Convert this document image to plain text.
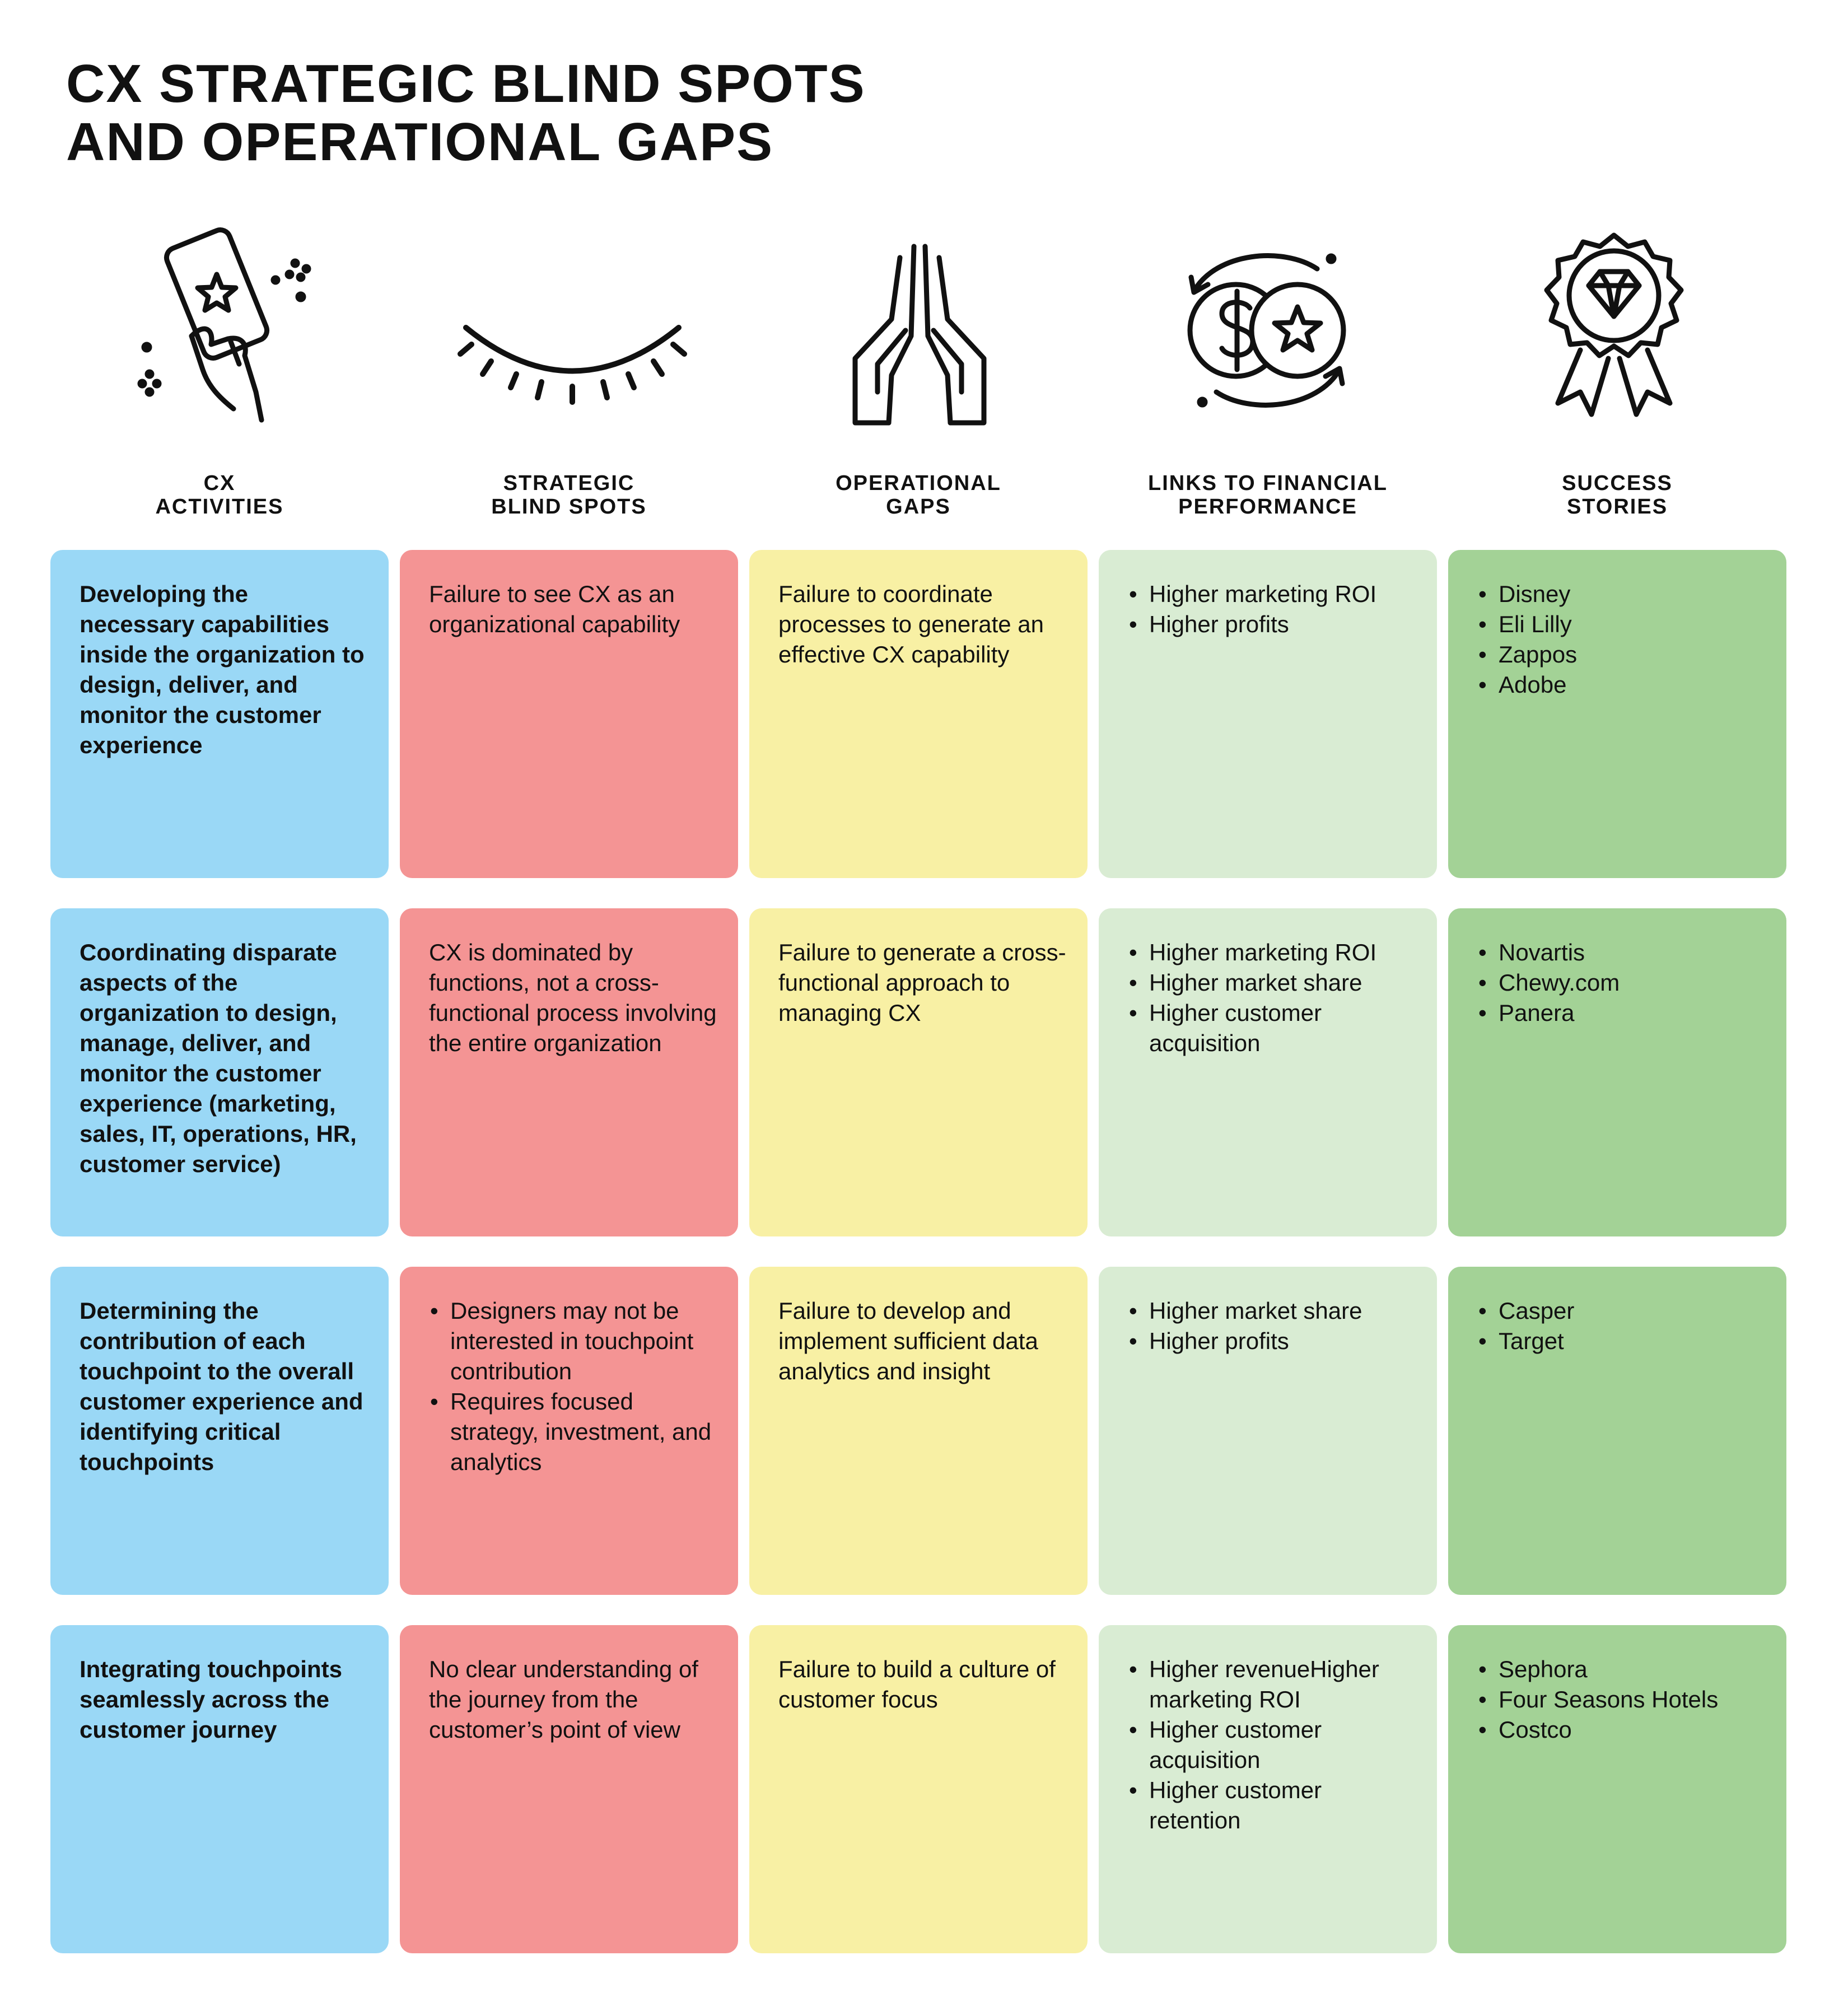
CX STRATEGIC BLIND SPOTS
AND OPERATIONAL GAPS
CX
ACTIVITIES
STRATEGIC
BLIND SPOTS
OPERATIONAL
GAPS
LINKS TO FINANCIAL
PERFORMANCE
SUCCESS
STORIES
Developing the necessary capabilities inside the organization to design, deliver, and monitor the customer experience
Failure to see CX as an organizational capability
Failure to coordinate processes to generate an effective CX capability
• Higher marketing ROI
• Higher profits
• Disney
• Eli Lilly
• Zappos
• Adobe
Coordinating disparate aspects of the organization to design, manage, deliver, and monitor the customer experience (marketing, sales, IT, operations, HR, customer service)
CX is dominated by functions, not a cross-functional process involving the entire organization
Failure to generate a cross-functional approach to managing CX
• Higher marketing ROI
• Higher market share
• Higher customer acquisition
• Novartis
• Chewy.com
• Panera
Determining the contribution of each touchpoint to the overall customer experience and identifying critical touchpoints
• Designers may not be interested in touchpoint contribution
• Requires focused strategy, investment, and analytics
Failure to develop and implement sufficient data analytics and insight
• Higher market share
• Higher profits
• Casper
• Target
Integrating touchpoints seamlessly across the customer journey
No clear understanding of the journey from the customer’s point of view
Failure to build a culture of customer focus
• Higher revenueHigher marketing ROI
• Higher customer acquisition
• Higher customer retention
• Sephora
• Four Seasons Hotels
• Costco
